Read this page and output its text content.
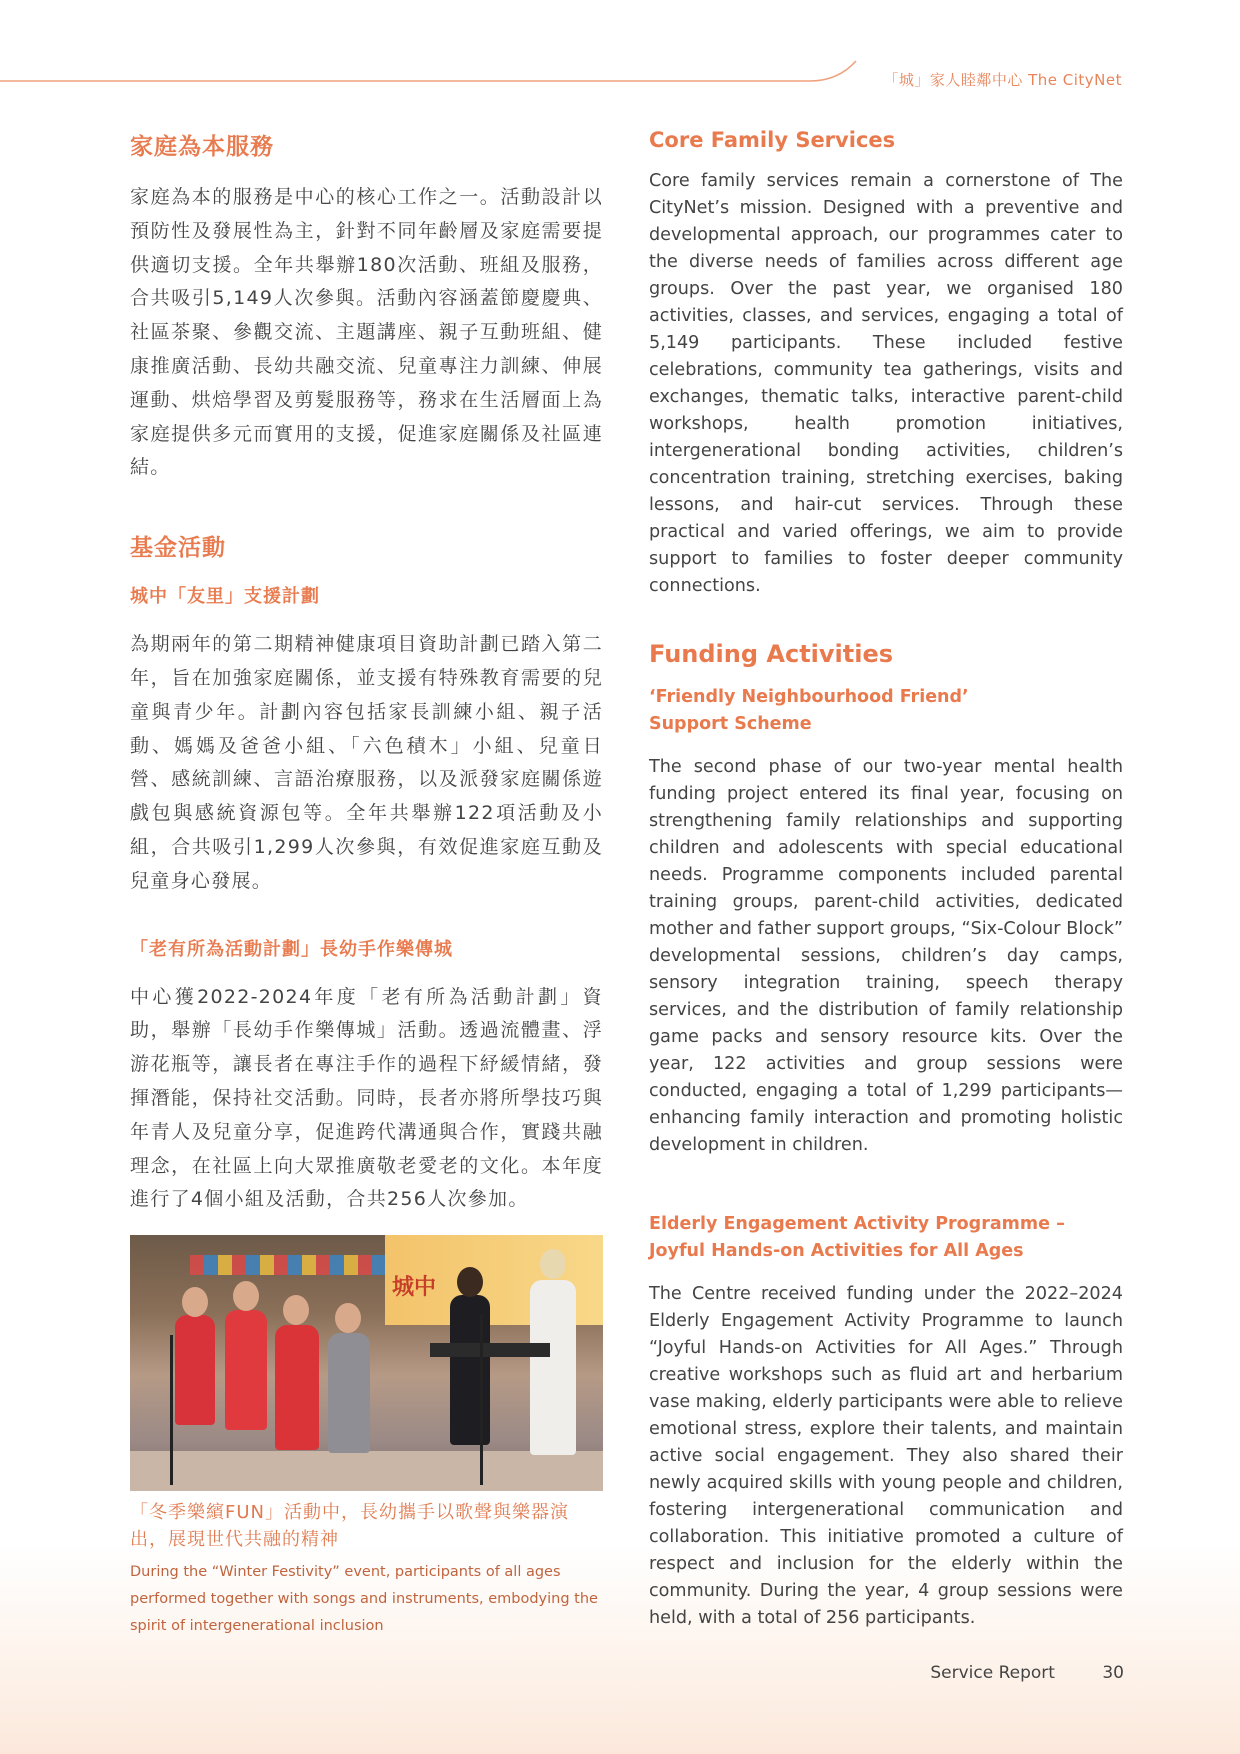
「城」家人睦鄰中心 The CityNet
家庭為本服務

家庭為本的服務是中心的核心工作之一。活動設計以預防性及發展性為主，針對不同年齡層及家庭需要提供適切支援。全年共舉辦180次活動、班組及服務，合共吸引5,149人次參與。活動內容涵蓋節慶慶典、社區茶聚、參觀交流、主題講座、親子互動班組、健康推廣活動、長幼共融交流、兒童專注力訓練、伸展運動、烘焙學習及剪髮服務等，務求在生活層面上為家庭提供多元而實用的支援，促進家庭關係及社區連結。

基金活動
城中「友里」支援計劃

為期兩年的第二期精神健康項目資助計劃已踏入第二年，旨在加強家庭關係，並支援有特殊教育需要的兒童與青少年。計劃內容包括家長訓練小組、親子活動、媽媽及爸爸小組、「六色積木」小組、兒童日營、感統訓練、言語治療服務，以及派發家庭關係遊戲包與感統資源包等。全年共舉辦122項活動及小組，合共吸引1,299人次參與，有效促進家庭互動及兒童身心發展。

「老有所為活動計劃」長幼手作樂傳城

中心獲2022-2024年度「老有所為活動計劃」資助，舉辦「長幼手作樂傳城」活動。透過流體畫、浮游花瓶等，讓長者在專注手作的過程下紓緩情緒，發揮潛能，保持社交活動。同時，長者亦將所學技巧與年青人及兒童分享，促進跨代溝通與合作，實踐共融理念，在社區上向大眾推廣敬老愛老的文化。本年度進行了4個小組及活動，合共256人次參加。

城中
「冬季樂繽FUN」活動中，長幼攜手以歌聲與樂器演出，展現世代共融的精神
During the “Winter Festivity” event, participants of all ages performed together with songs and instruments, embodying the spirit of intergenerational inclusion
Core Family Services

Core family services remain a cornerstone of The CityNet’s mission. Designed with a preventive and developmental approach, our programmes cater to the diverse needs of families across different age groups. Over the past year, we organised 180 activities, classes, and services, engaging a total of 5,149 participants. These included festive celebrations, community tea gatherings, visits and exchanges, thematic talks, interactive parent-child workshops, health promotion initiatives, intergenerational bonding activities, children’s concentration training, stretching exercises, baking lessons, and hair-cut services. Through these practical and varied offerings, we aim to provide support to families to foster deeper community connections.

Funding Activities
‘Friendly Neighbourhood Friend’
Support Scheme

The second phase of our two-year mental health funding project entered its final year, focusing on strengthening family relationships and supporting children and adolescents with special educational needs. Programme components included parental training groups, parent-child activities, dedicated mother and father support groups, “Six-Colour Block” developmental sessions, children’s day camps, sensory integration training, speech therapy services, and the distribution of family relationship game packs and sensory resource kits. Over the year, 122 activities and group sessions were conducted, engaging a total of 1,299 participants—enhancing family interaction and promoting holistic development in children.

Elderly Engagement Activity Programme –
Joyful Hands-on Activities for All Ages

The Centre received funding under the 2022–2024 Elderly Engagement Activity Programme to launch “Joyful Hands-on Activities for All Ages.” Through creative workshops such as fluid art and herbarium vase making, elderly participants were able to relieve emotional stress, explore their talents, and maintain active social engagement. They also shared their newly acquired skills with young people and children, fostering intergenerational communication and collaboration. This initiative promoted a culture of respect and inclusion for the elderly within the community. During the year, 4 group sessions were held, with a total of 256 participants.

Service Report	30
